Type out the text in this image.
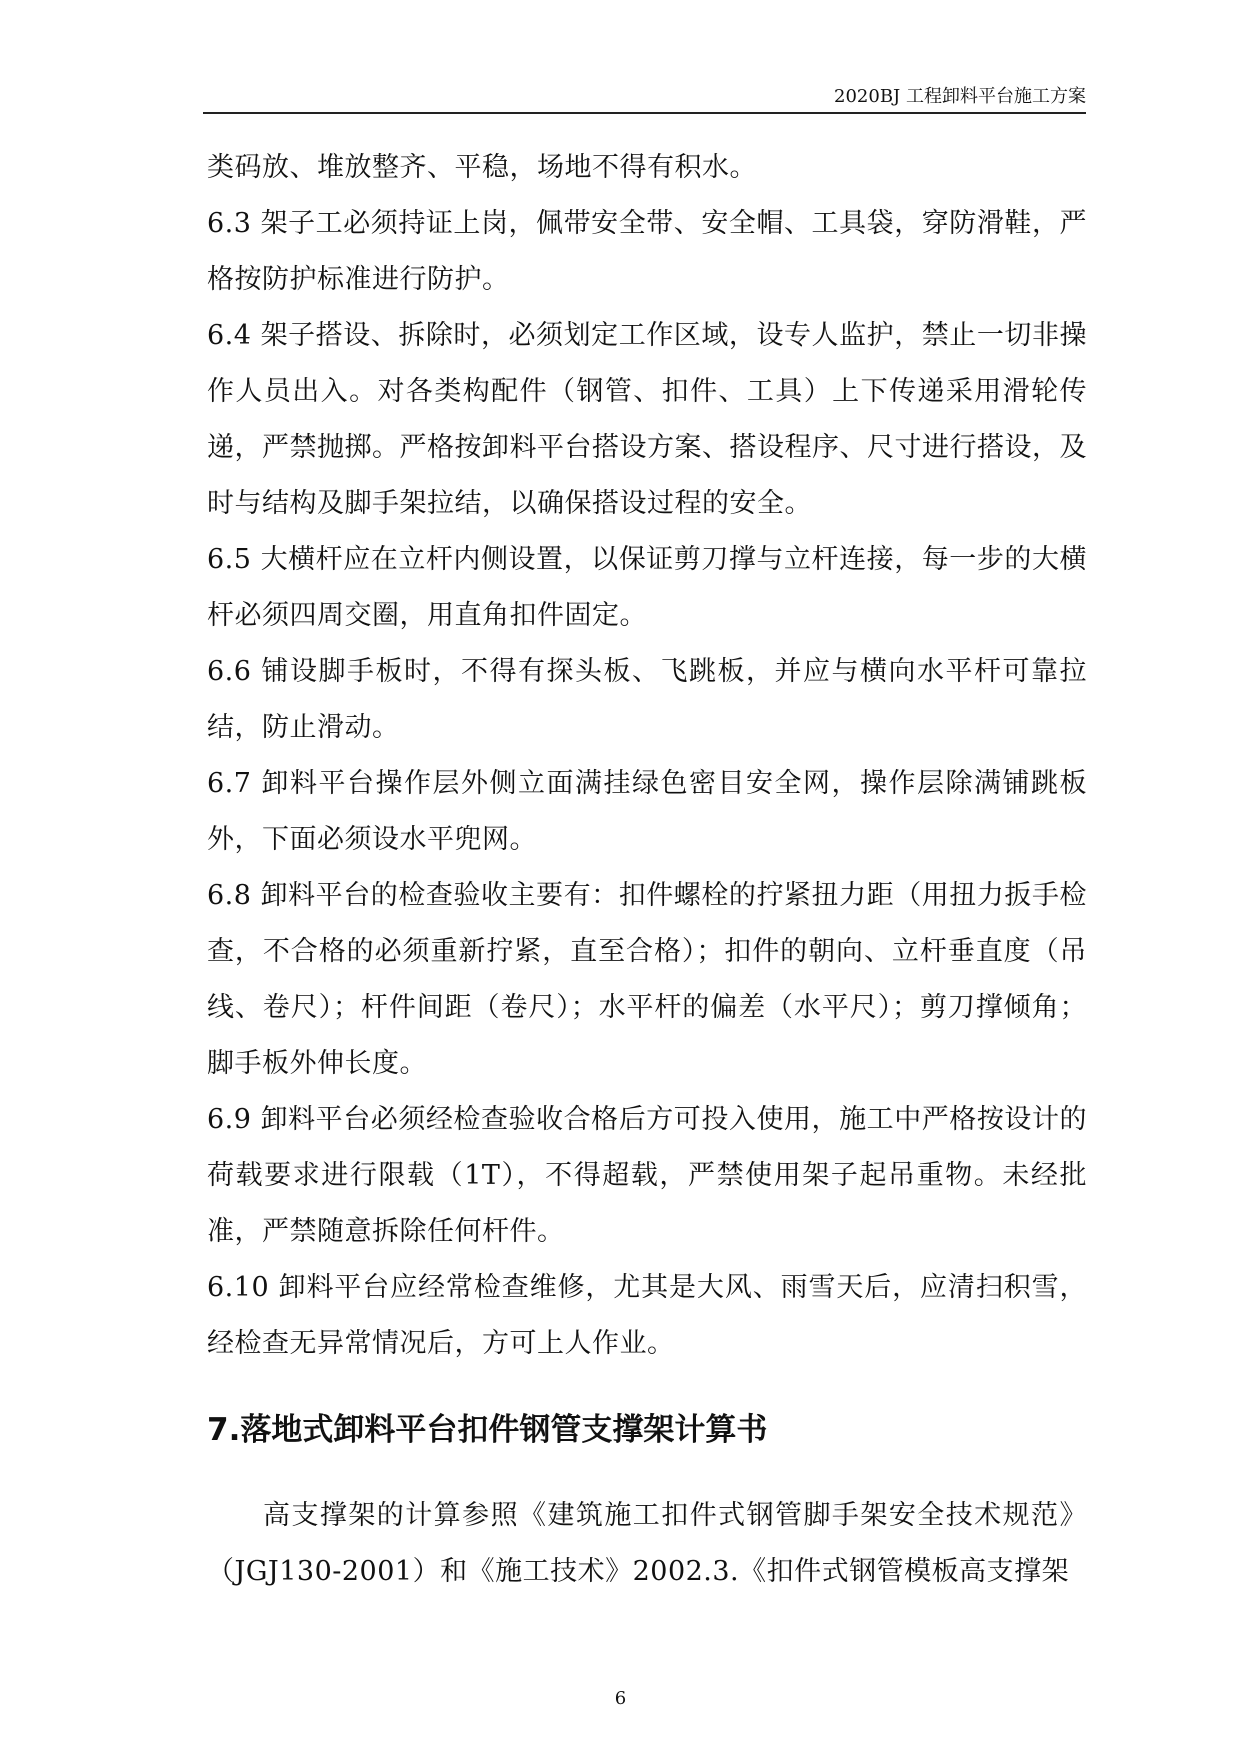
2020BJ 工程卸料平台施工方案

类码放、堆放整齐、平稳，场地不得有积水。

6.3 架子工必须持证上岗，佩带安全带、安全帽、工具袋，穿防滑鞋，严格按防护标准进行防护。

6.4 架子搭设、拆除时，必须划定工作区域，设专人监护，禁止一切非操作人员出入。对各类构配件（钢管、扣件、工具）上下传递采用滑轮传递，严禁抛掷。严格按卸料平台搭设方案、搭设程序、尺寸进行搭设，及时与结构及脚手架拉结，以确保搭设过程的安全。

6.5 大横杆应在立杆内侧设置，以保证剪刀撑与立杆连接，每一步的大横杆必须四周交圈，用直角扣件固定。

6.6 铺设脚手板时，不得有探头板、飞跳板，并应与横向水平杆可靠拉结，防止滑动。

6.7 卸料平台操作层外侧立面满挂绿色密目安全网，操作层除满铺跳板外，下面必须设水平兜网。

6.8 卸料平台的检查验收主要有：扣件螺栓的拧紧扭力距（用扭力扳手检查，不合格的必须重新拧紧，直至合格）；扣件的朝向、立杆垂直度（吊线、卷尺）；杆件间距（卷尺）；水平杆的偏差（水平尺）；剪刀撑倾角；脚手板外伸长度。

6.9 卸料平台必须经检查验收合格后方可投入使用，施工中严格按设计的荷载要求进行限载（1T），不得超载，严禁使用架子起吊重物。未经批准，严禁随意拆除任何杆件。

6.10 卸料平台应经常检查维修，尤其是大风、雨雪天后，应清扫积雪，经检查无异常情况后，方可上人作业。

7.落地式卸料平台扣件钢管支撑架计算书

高支撑架的计算参照《建筑施工扣件式钢管脚手架安全技术规范》（JGJ130-2001）和《施工技术》2002.3.《扣件式钢管模板高支撑架

6
